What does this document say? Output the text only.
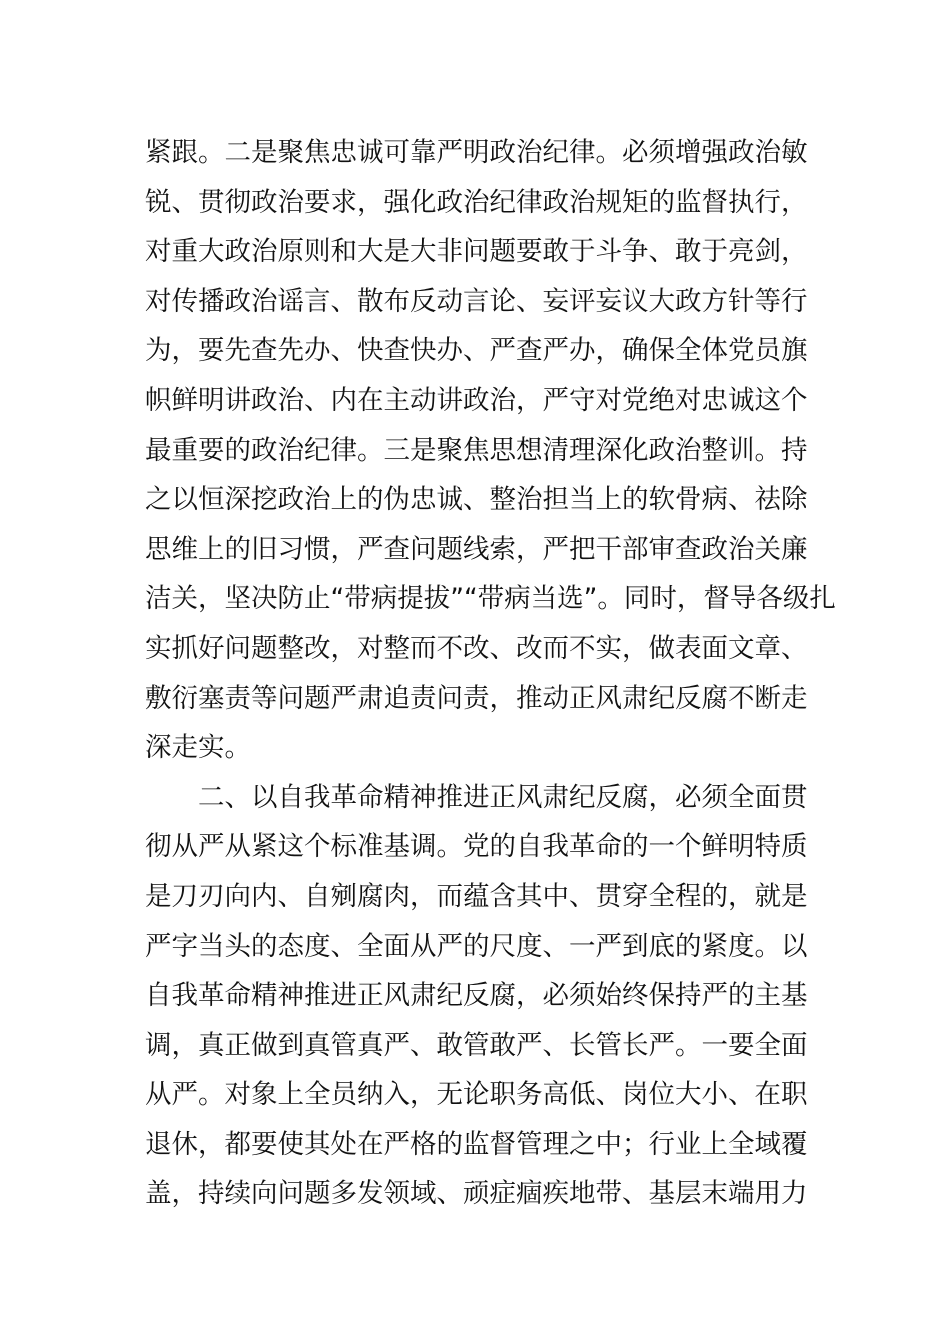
紧跟。二是聚焦忠诚可靠严明政治纪律。必须增强政治敏
锐、贯彻政治要求，强化政治纪律政治规矩的监督执行，
对重大政治原则和大是大非问题要敢于斗争、敢于亮剑，
对传播政治谣言、散布反动言论、妄评妄议大政方针等行
为，要先查先办、快查快办、严查严办，确保全体党员旗
帜鲜明讲政治、内在主动讲政治，严守对党绝对忠诚这个
最重要的政治纪律。三是聚焦思想清理深化政治整训。持
之以恒深挖政治上的伪忠诚、整治担当上的软骨病、祛除
思维上的旧习惯，严查问题线索，严把干部审查政治关廉
洁关，坚决防止“带病提拔”“带病当选”。同时，督导各级扎
实抓好问题整改，对整而不改、改而不实，做表面文章、
敷衍塞责等问题严肃追责问责，推动正风肃纪反腐不断走
深走实。
二、以自我革命精神推进正风肃纪反腐，必须全面贯
彻从严从紧这个标准基调。党的自我革命的一个鲜明特质
是刀刃向内、自剜腐肉，而蕴含其中、贯穿全程的，就是
严字当头的态度、全面从严的尺度、一严到底的紧度。以
自我革命精神推进正风肃纪反腐，必须始终保持严的主基
调，真正做到真管真严、敢管敢严、长管长严。一要全面
从严。对象上全员纳入，无论职务高低、岗位大小、在职
退休，都要使其处在严格的监督管理之中；行业上全域覆
盖，持续向问题多发领域、顽症痼疾地带、基层末端用力
